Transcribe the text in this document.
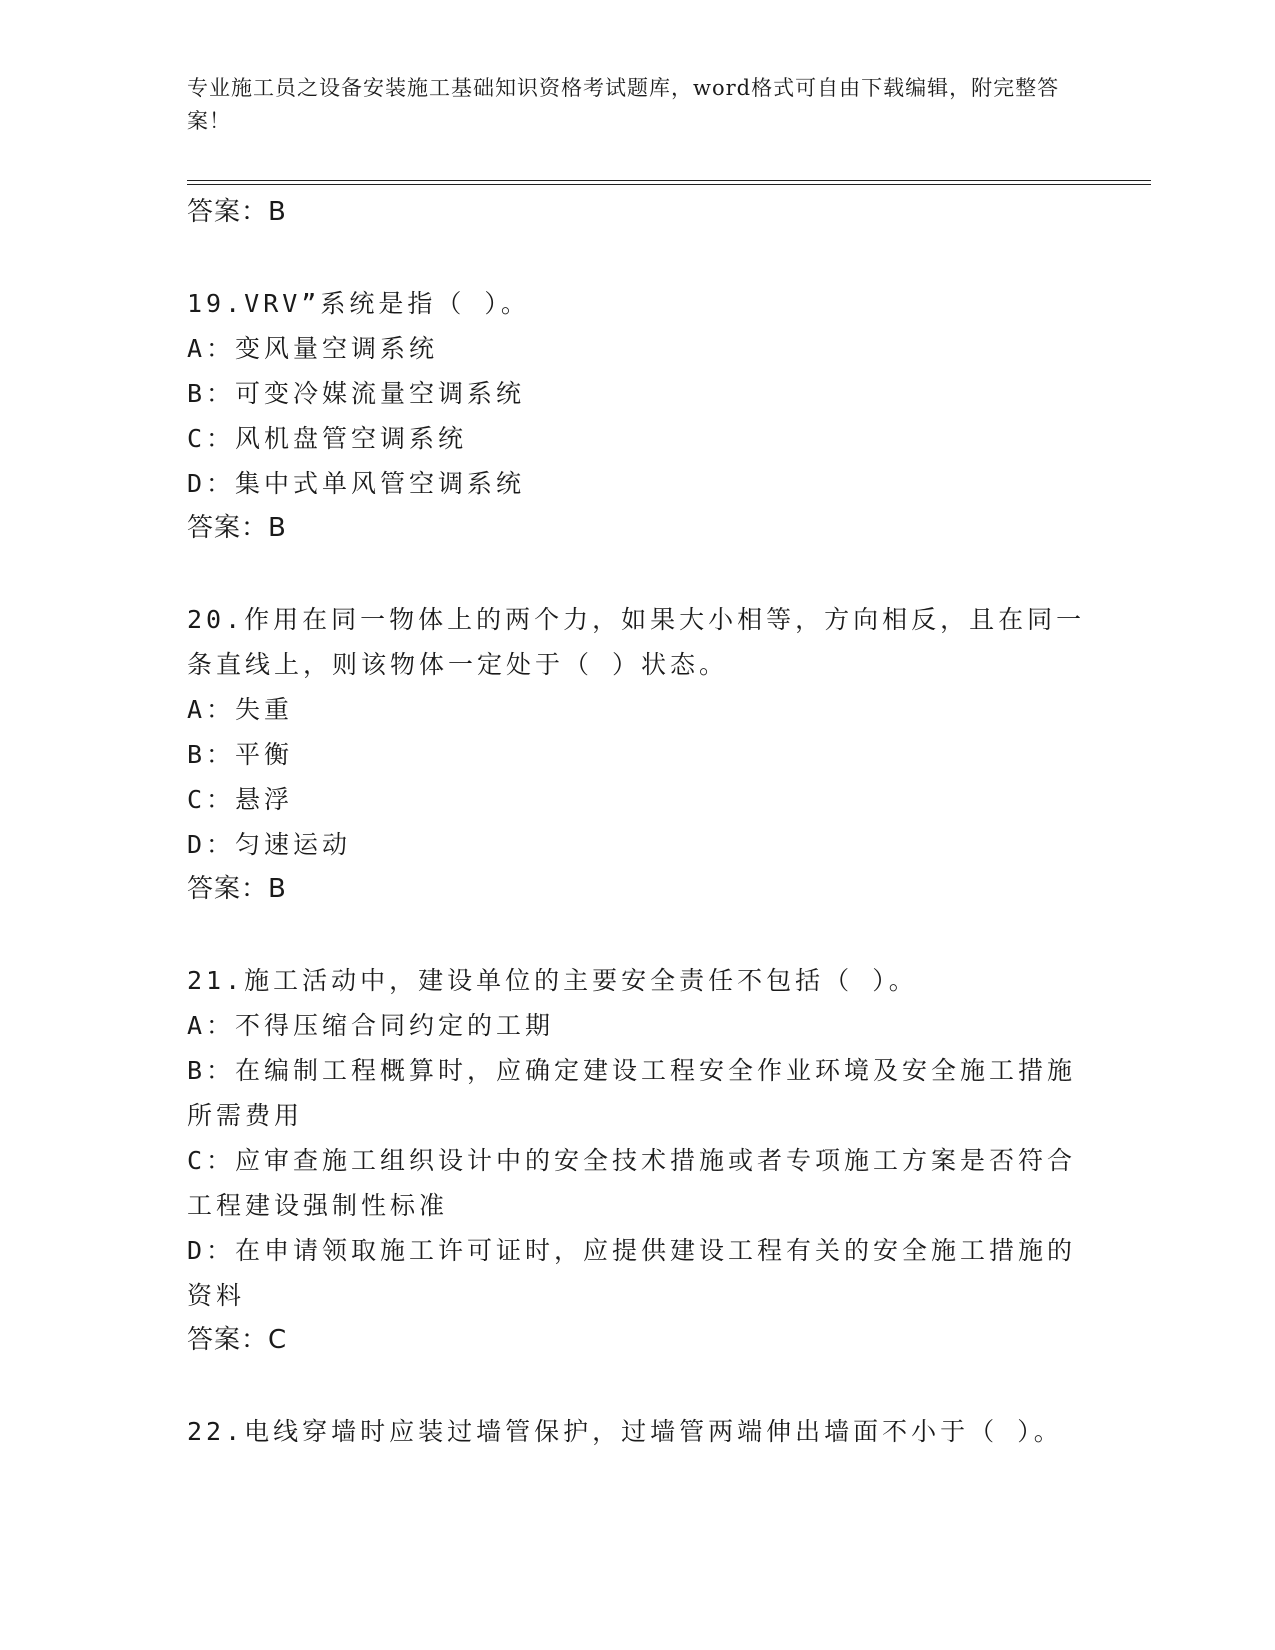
专业施工员之设备安装施工基础知识资格考试题库，word格式可自由下载编辑，附完整答案！
答案：B
19.VRV”系统是指（ ）。
A：变风量空调系统
B：可变冷媒流量空调系统
C：风机盘管空调系统
D：集中式单风管空调系统
答案：B
20.作用在同一物体上的两个力，如果大小相等，方向相反，且在同一条直线上，则该物体一定处于（ ）状态。
A：失重
B：平衡
C：悬浮
D：匀速运动
答案：B
21.施工活动中，建设单位的主要安全责任不包括（ ）。
A：不得压缩合同约定的工期
B：在编制工程概算时，应确定建设工程安全作业环境及安全施工措施所需费用
C：应审查施工组织设计中的安全技术措施或者专项施工方案是否符合工程建设强制性标准
D：在申请领取施工许可证时，应提供建设工程有关的安全施工措施的资料
答案：C
22.电线穿墙时应装过墙管保护，过墙管两端伸出墙面不小于（ ）。
